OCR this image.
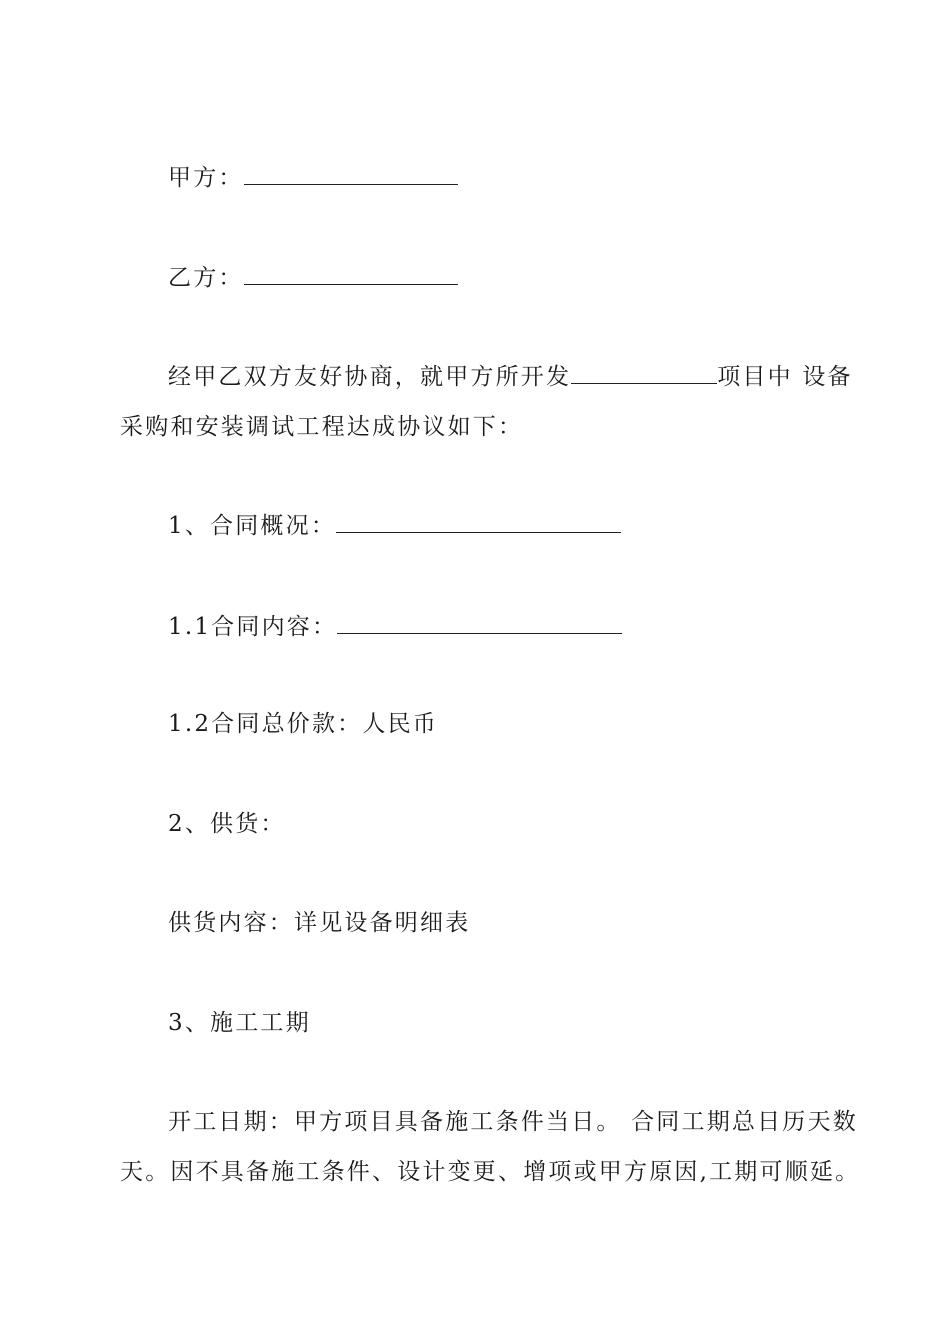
甲方：
乙方：
经甲乙双方友好协商，就甲方所开发	项目中 设备
采购和安装调试工程达成协议如下：
1、合同概况：
1.1合同内容：
1.2合同总价款：人民币
2、供货：
供货内容：详见设备明细表
3、施工工期
开工日期：甲方项目具备施工条件当日。 合同工期总日历天数
天。因不具备施工条件、设计变更、增项或甲方原因,工期可顺延。
